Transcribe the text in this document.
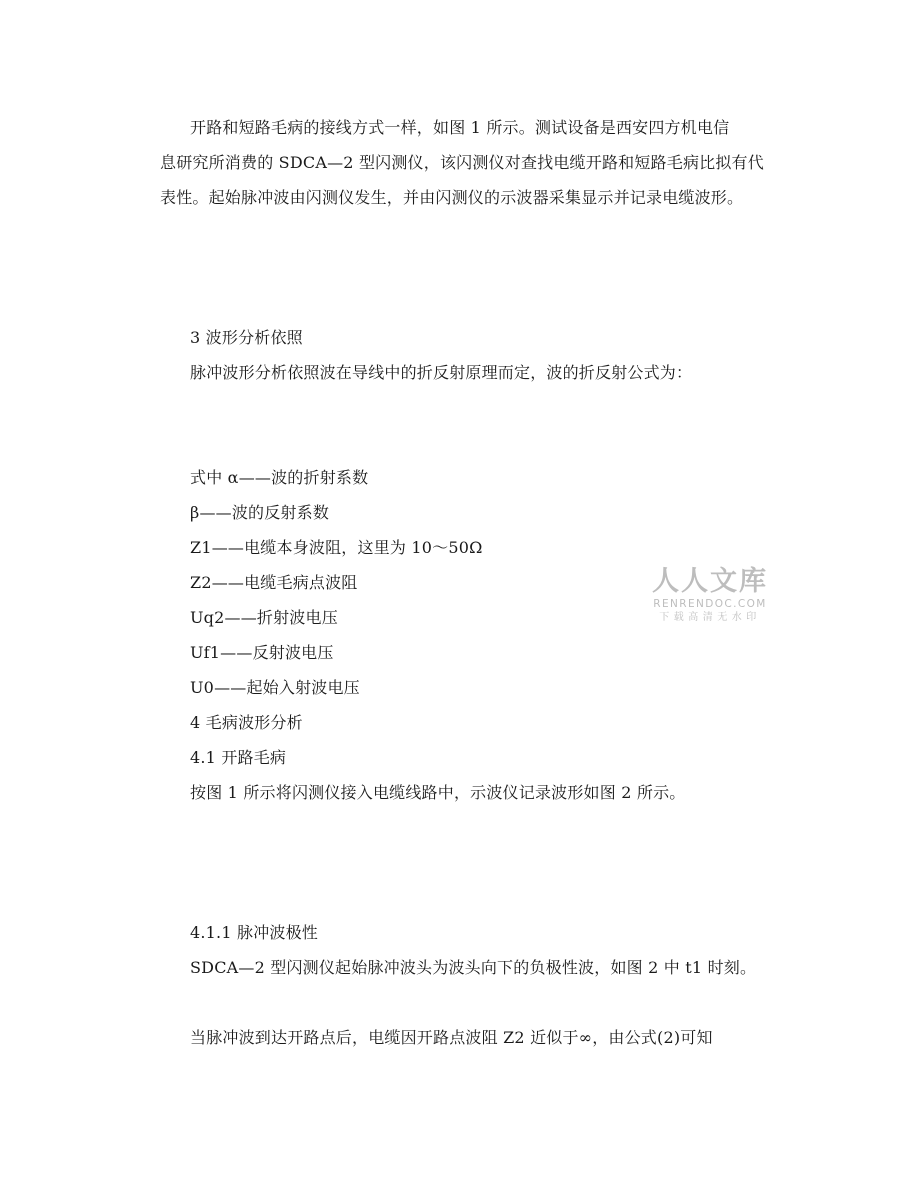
开路和短路毛病的接线方式一样，如图 1 所示。测试设备是西安四方机电信
息研究所消费的 SDCA—2 型闪测仪，该闪测仪对查找电缆开路和短路毛病比拟有代
表性。起始脉冲波由闪测仪发生，并由闪测仪的示波器采集显示并记录电缆波形。
3 波形分析依照
脉冲波形分析依照波在导线中的折反射原理而定，波的折反射公式为：
式中 α——波的折射系数
β——波的反射系数
Z1——电缆本身波阻，这里为 10～50Ω
Z2——电缆毛病点波阻
Uq2——折射波电压
Uf1——反射波电压
U0——起始入射波电压
4 毛病波形分析
4.1 开路毛病
按图 1 所示将闪测仪接入电缆线路中，示波仪记录波形如图 2 所示。
4.1.1 脉冲波极性
SDCA—2 型闪测仪起始脉冲波头为波头向下的负极性波，如图 2 中 t1 时刻。
当脉冲波到达开路点后，电缆因开路点波阻 Z2 近似于∞，由公式(2)可知
人人文库
RENRENDOC.COM
下载高清无水印
